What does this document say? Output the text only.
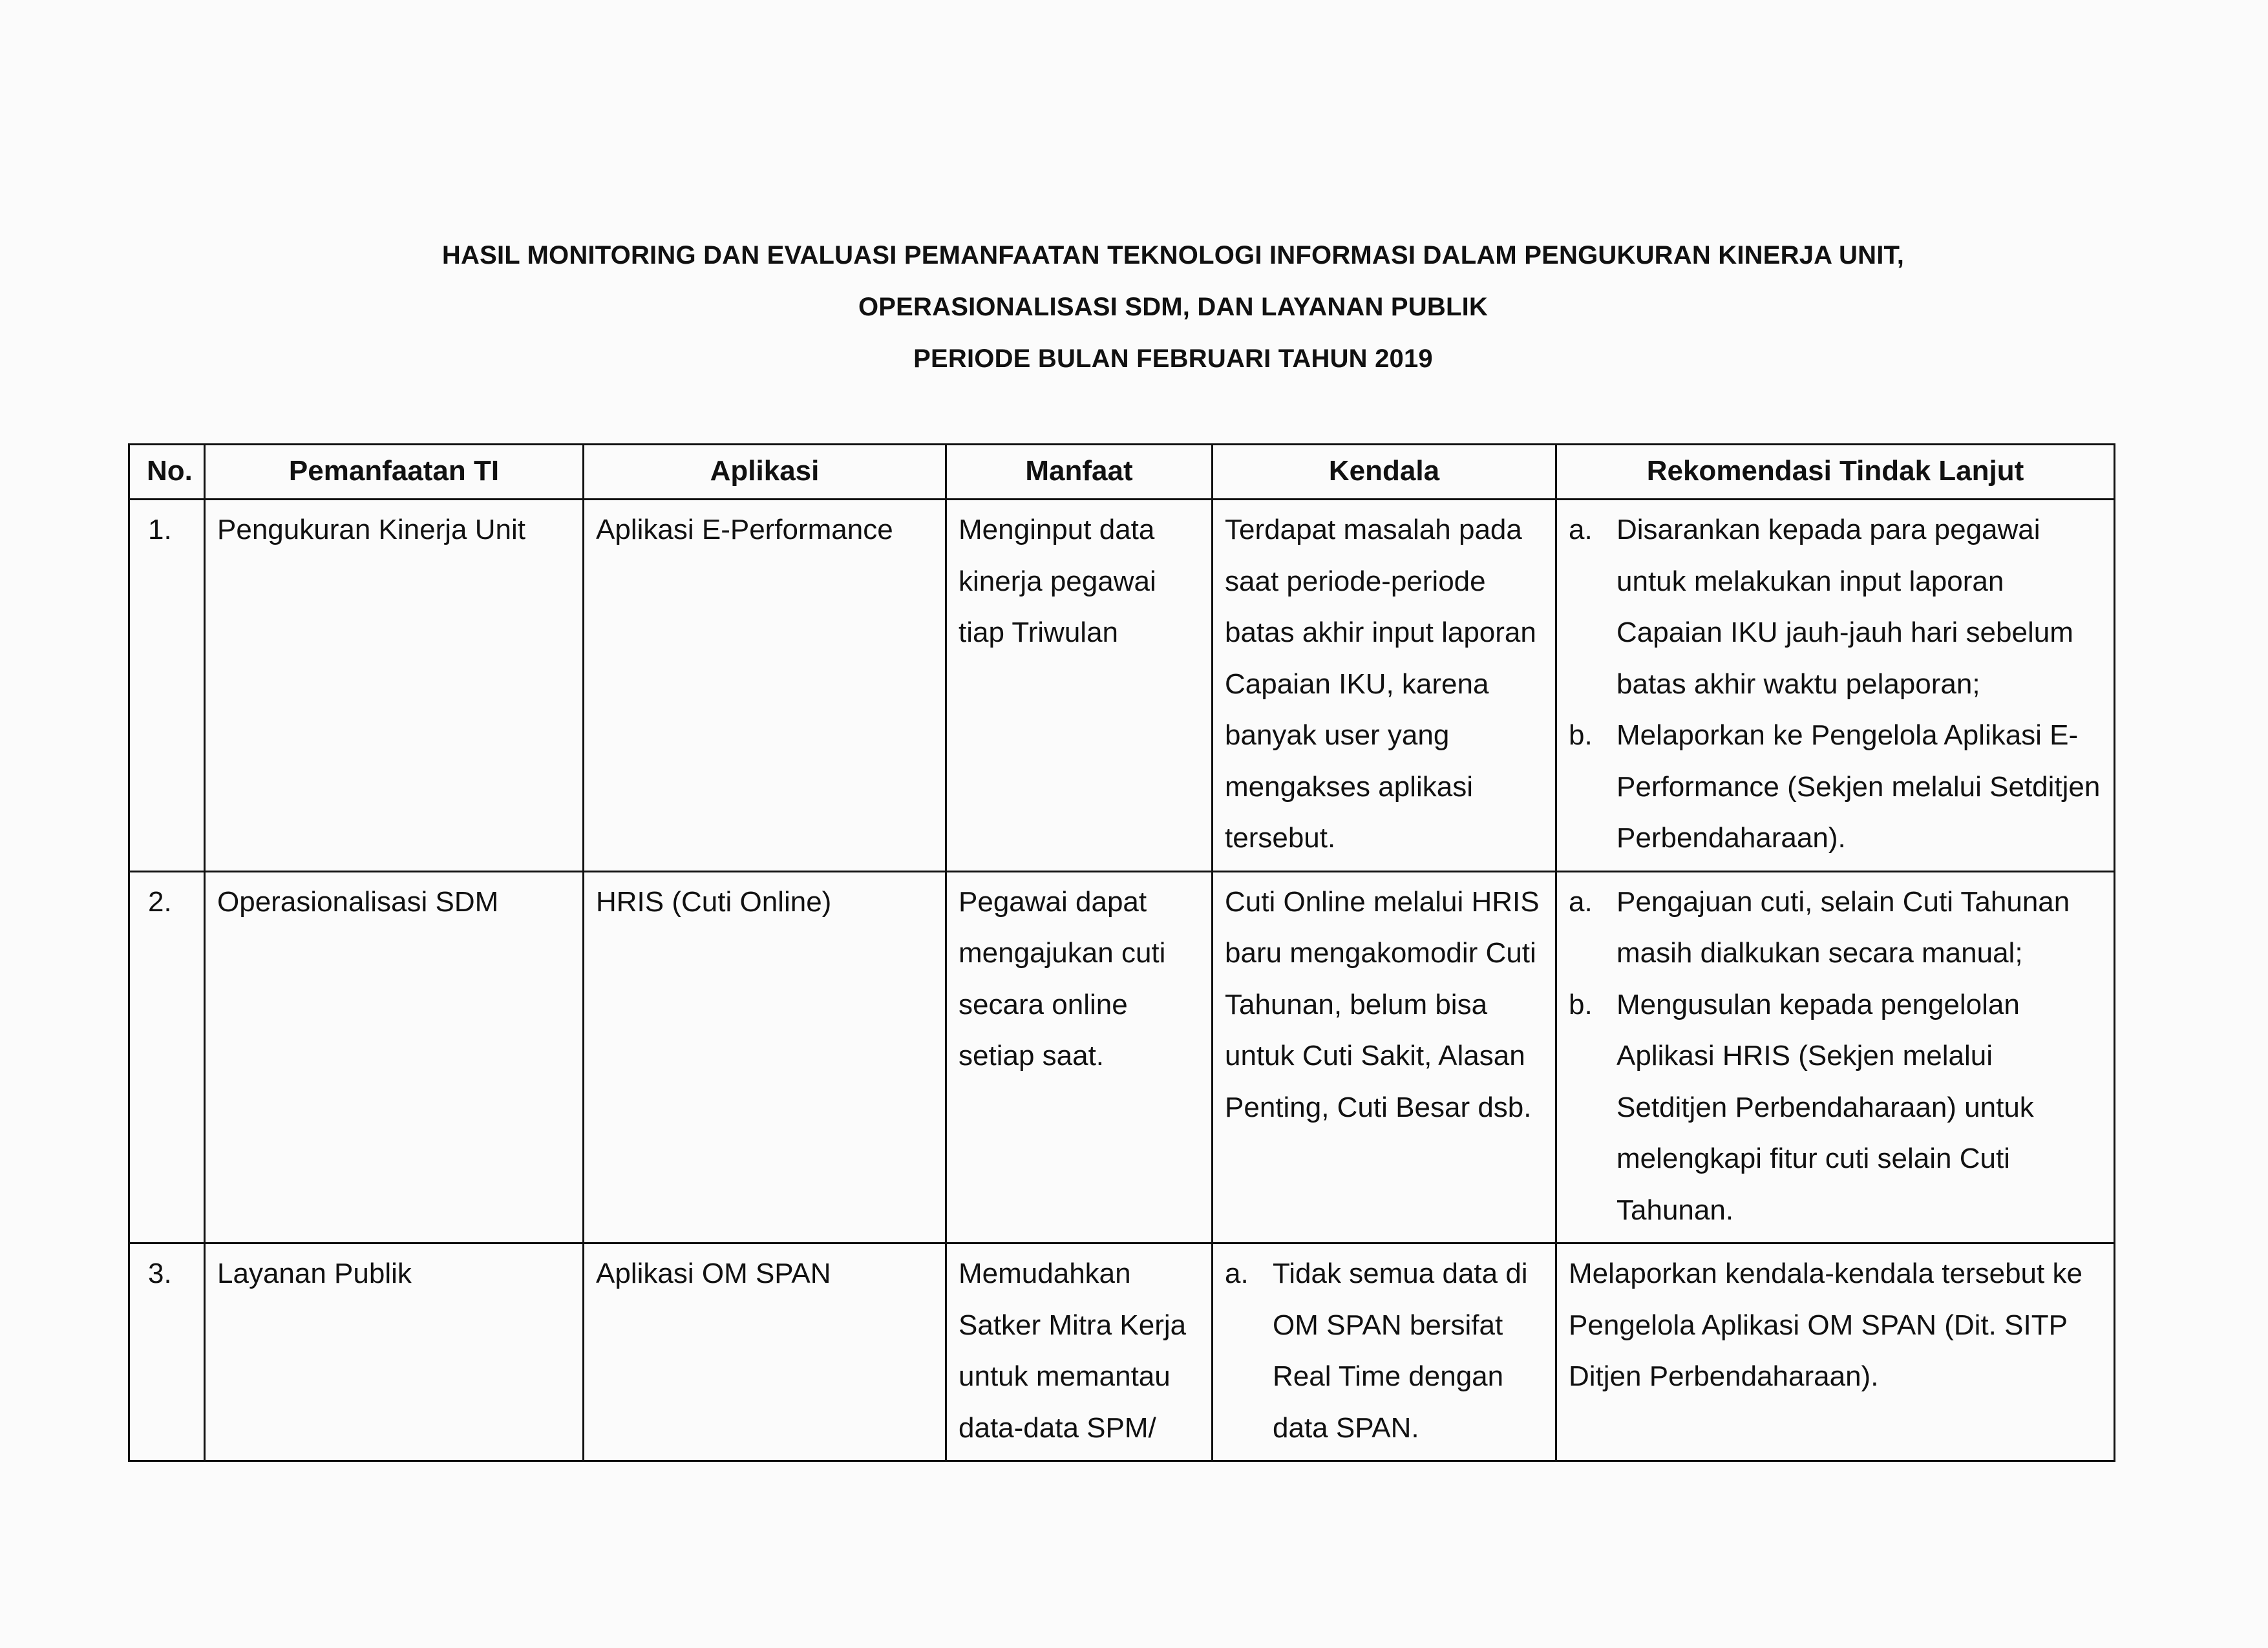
HASIL MONITORING DAN EVALUASI PEMANFAATAN TEKNOLOGI INFORMASI DALAM PENGUKURAN KINERJA UNIT,
OPERASIONALISASI SDM, DAN LAYANAN PUBLIK
PERIODE BULAN FEBRUARI TAHUN 2019
No.	Pemanfaatan TI	Aplikasi	Manfaat	Kendala	Rekomendasi Tindak Lanjut
1.	Pengukuran Kinerja Unit	Aplikasi E-Performance	Menginput data kinerja pegawai tiap Triwulan	Terdapat masalah pada saat periode-periode batas akhir input laporan Capaian IKU, karena banyak user yang mengakses aplikasi tersebut.	a. Disarankan kepada para pegawai untuk melakukan input laporan Capaian IKU jauh-jauh hari sebelum batas akhir waktu pelaporan;
b. Melaporkan ke Pengelola Aplikasi E-Performance (Sekjen melalui Setditjen Perbendaharaan).

2.	Operasionalisasi SDM	HRIS (Cuti Online)	Pegawai dapat mengajukan cuti secara online setiap saat.	Cuti Online melalui HRIS baru mengakomodir Cuti Tahunan, belum bisa untuk Cuti Sakit, Alasan Penting, Cuti Besar dsb.	a. Pengajuan cuti, selain Cuti Tahunan masih dialkukan secara manual;
b. Mengusulan kepada pengelolan Aplikasi HRIS (Sekjen melalui Setditjen Perbendaharaan) untuk melengkapi fitur cuti selain Cuti Tahunan.

3.	Layanan Publik	Aplikasi OM SPAN	Memudahkan Satker Mitra Kerja untuk memantau data-data SPM/	a. Tidak semua data di OM SPAN bersifat Real Time dengan data SPAN.	Melaporkan kendala-kendala tersebut ke Pengelola Aplikasi OM SPAN (Dit. SITP Ditjen Perbendaharaan).
